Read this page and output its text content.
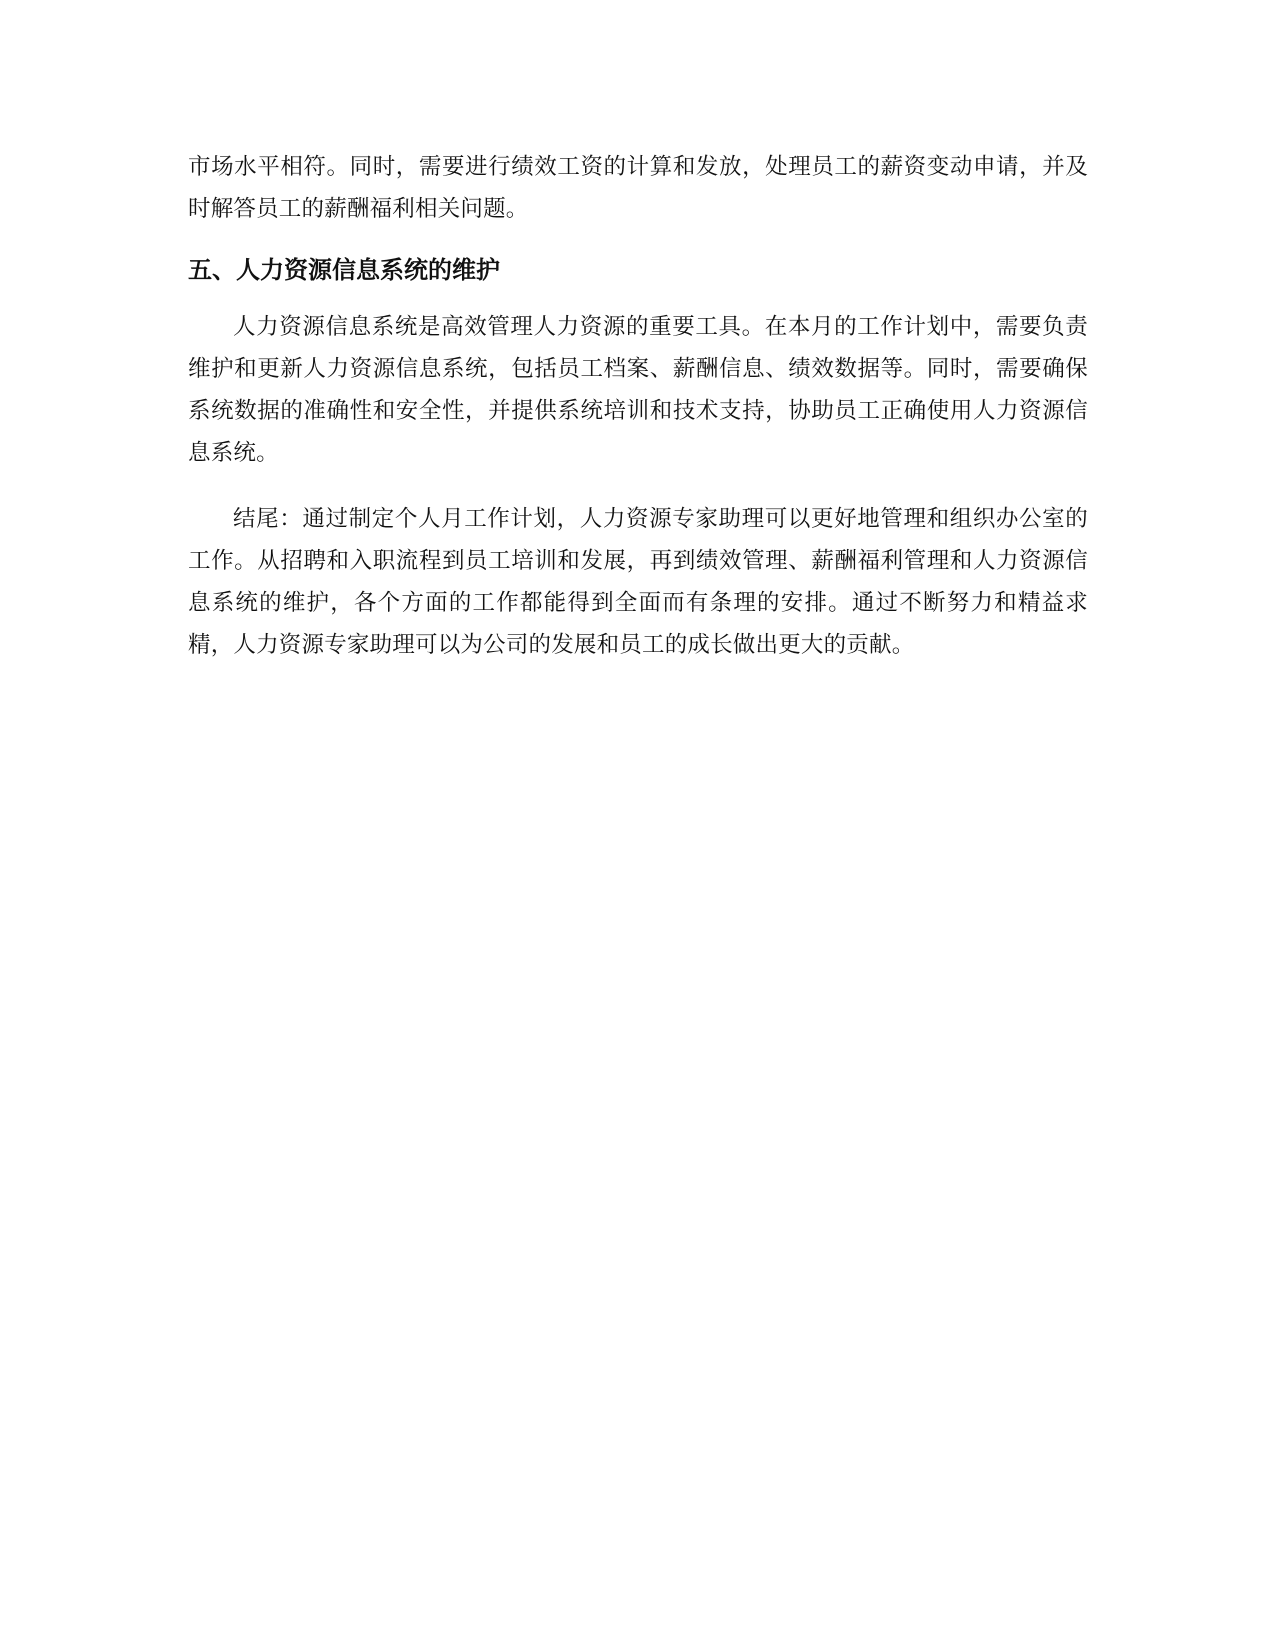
市场水平相符。同时，需要进行绩效工资的计算和发放，处理员工的薪资变动申请，并及时解答员工的薪酬福利相关问题。

五、人力资源信息系统的维护

人力资源信息系统是高效管理人力资源的重要工具。在本月的工作计划中，需要负责维护和更新人力资源信息系统，包括员工档案、薪酬信息、绩效数据等。同时，需要确保系统数据的准确性和安全性，并提供系统培训和技术支持，协助员工正确使用人力资源信息系统。

结尾：通过制定个人月工作计划，人力资源专家助理可以更好地管理和组织办公室的工作。从招聘和入职流程到员工培训和发展，再到绩效管理、薪酬福利管理和人力资源信息系统的维护，各个方面的工作都能得到全面而有条理的安排。通过不断努力和精益求精，人力资源专家助理可以为公司的发展和员工的成长做出更大的贡献。
